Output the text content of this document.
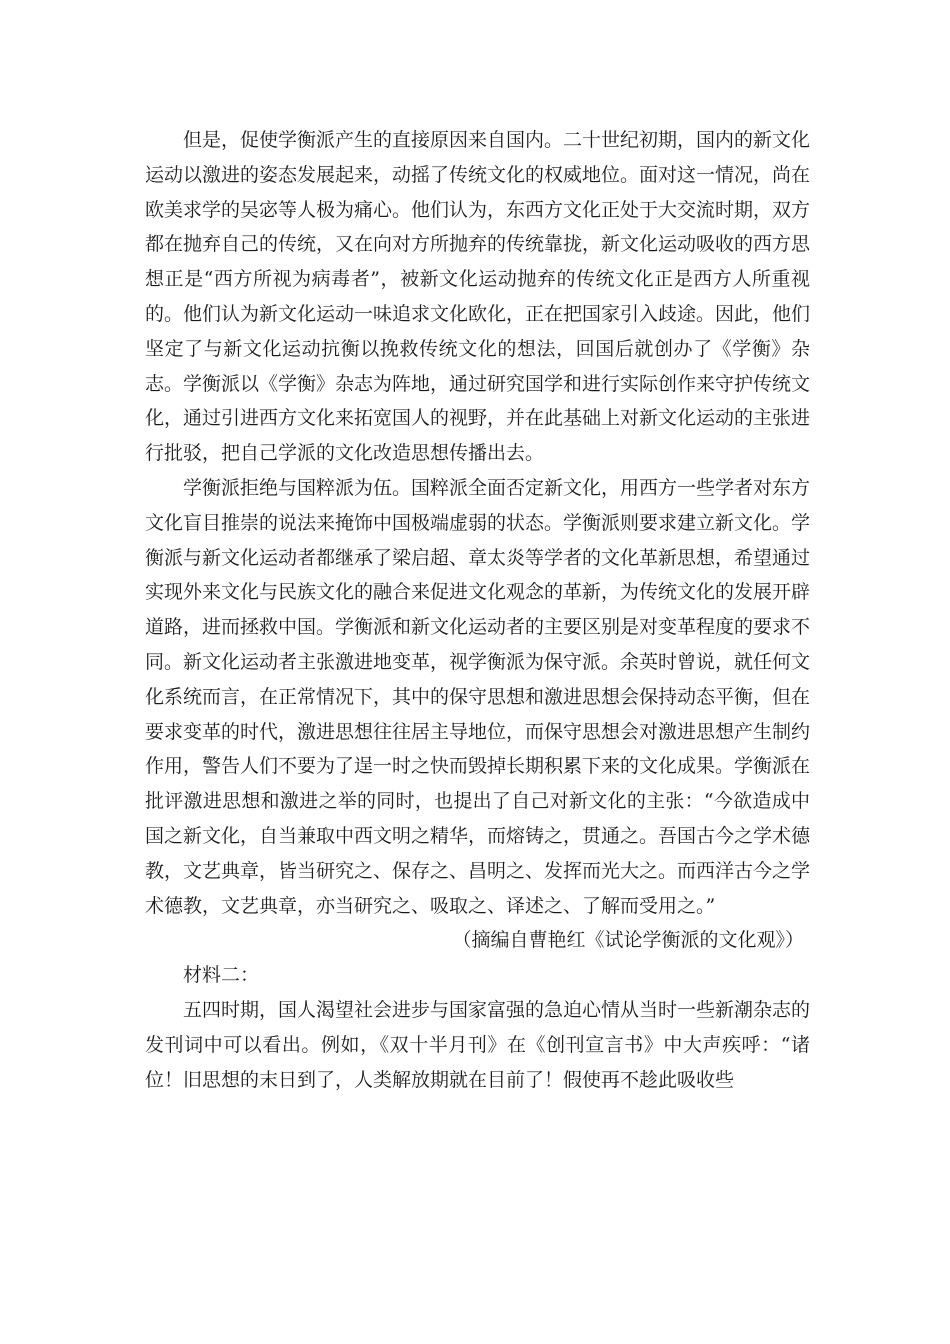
但是，促使学衡派产生的直接原因来自国内。二十世纪初期，国内的新文化运动以激进的姿态发展起来，动摇了传统文化的权威地位。面对这一情况，尚在欧美求学的吴宓等人极为痛心。他们认为，东西方文化正处于大交流时期，双方都在抛弃自己的传统，又在向对方所抛弃的传统靠拢，新文化运动吸收的西方思想正是“西方所视为病毒者”，被新文化运动抛弃的传统文化正是西方人所重视的。他们认为新文化运动一味追求文化欧化，正在把国家引入歧途。因此，他们坚定了与新文化运动抗衡以挽救传统文化的想法，回国后就创办了《学衡》杂志。学衡派以《学衡》杂志为阵地，通过研究国学和进行实际创作来守护传统文化，通过引进西方文化来拓宽国人的视野，并在此基础上对新文化运动的主张进行批驳，把自己学派的文化改造思想传播出去。

学衡派拒绝与国粹派为伍。国粹派全面否定新文化，用西方一些学者对东方文化盲目推崇的说法来掩饰中国极端虚弱的状态。学衡派则要求建立新文化。学衡派与新文化运动者都继承了梁启超、章太炎等学者的文化革新思想，希望通过实现外来文化与民族文化的融合来促进文化观念的革新，为传统文化的发展开辟道路，进而拯救中国。学衡派和新文化运动者的主要区别是对变革程度的要求不同。新文化运动者主张激进地变革，视学衡派为保守派。余英时曾说，就任何文化系统而言，在正常情况下，其中的保守思想和激进思想会保持动态平衡，但在要求变革的时代，激进思想往往居主导地位，而保守思想会对激进思想产生制约作用，警告人们不要为了逞一时之快而毁掉长期积累下来的文化成果。学衡派在批评激进思想和激进之举的同时，也提出了自己对新文化的主张：“今欲造成中国之新文化，自当兼取中西文明之精华，而熔铸之，贯通之。吾国古今之学术德教，文艺典章，皆当研究之、保存之、昌明之、发挥而光大之。而西洋古今之学术德教，文艺典章，亦当研究之、吸取之、译述之、了解而受用之。”

（摘编自曹艳红《试论学衡派的文化观》）

材料二：

五四时期，国人渴望社会进步与国家富强的急迫心情从当时一些新潮杂志的发刊词中可以看出。例如，《双十半月刊》在《创刊宣言书》中大声疾呼：“诸位！旧思想的末日到了，人类解放期就在目前了！假使再不趁此吸收些
